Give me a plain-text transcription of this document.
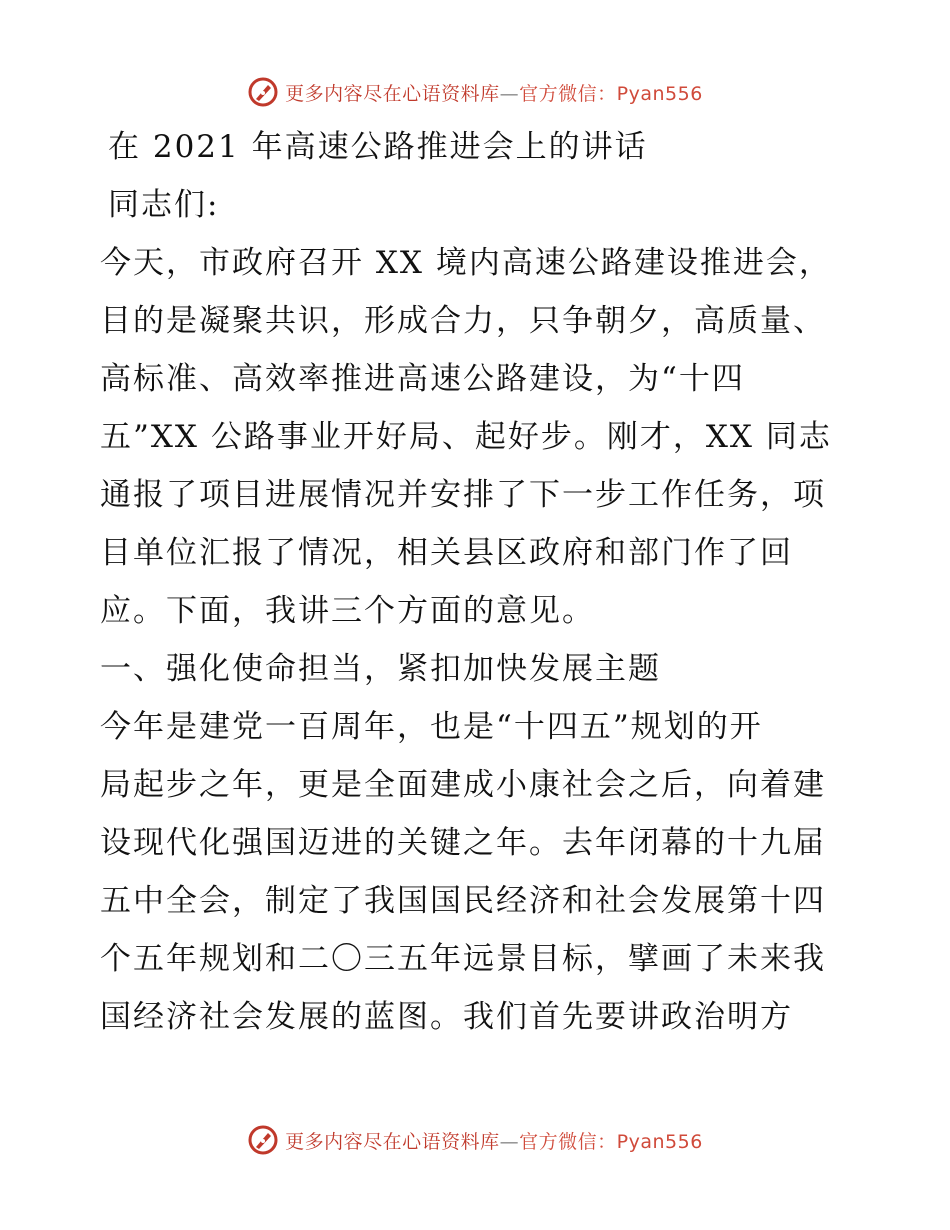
更多内容尽在心语资料库—官方微信：Pyan556
在 2021 年高速公路推进会上的讲话
同志们:
今天，市政府召开 XX 境内高速公路建设推进会，
目的是凝聚共识，形成合力，只争朝夕，高质量、
高标准、高效率推进高速公路建设，为“十四
五”XX 公路事业开好局、起好步。刚才，XX 同志
通报了项目进展情况并安排了下一步工作任务，项
目单位汇报了情况，相关县区政府和部门作了回
应。下面，我讲三个方面的意见。
一、强化使命担当，紧扣加快发展主题
今年是建党一百周年，也是“十四五”规划的开
局起步之年，更是全面建成小康社会之后，向着建
设现代化强国迈进的关键之年。去年闭幕的十九届
五中全会，制定了我国国民经济和社会发展第十四
个五年规划和二〇三五年远景目标，擘画了未来我
国经济社会发展的蓝图。我们首先要讲政治明方
更多内容尽在心语资料库—官方微信：Pyan556
